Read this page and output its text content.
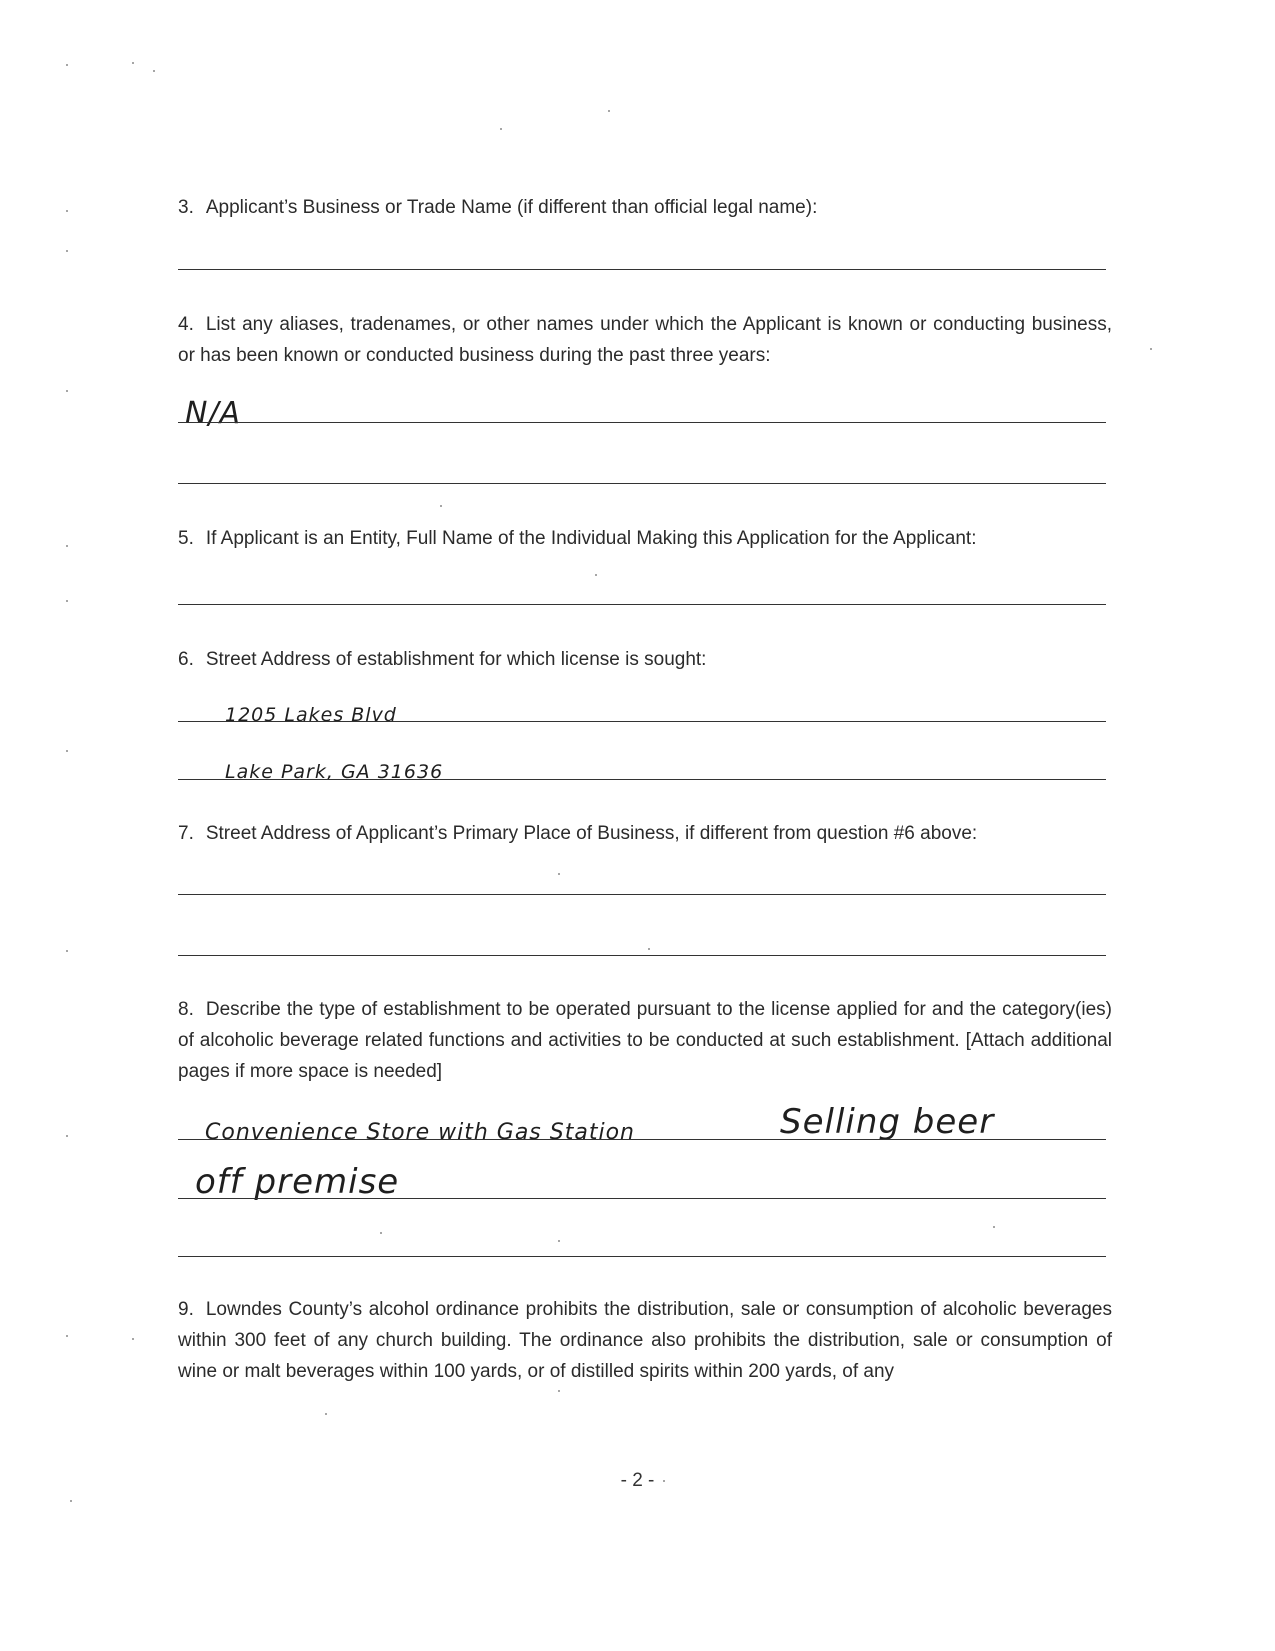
3. Applicant’s Business or Trade Name (if different than official legal name):

4. List any aliases, tradenames, or other names under which the Applicant is known or conducting business, or has been known or conducted business during the past three years:

N/A

5. If Applicant is an Entity, Full Name of the Individual Making this Application for the Applicant:

6. Street Address of establishment for which license is sought:

1205 Lakes Blvd
Lake Park, GA 31636

7. Street Address of Applicant’s Primary Place of Business, if different from question #6 above:

8. Describe the type of establishment to be operated pursuant to the license applied for and the category(ies) of alcoholic beverage related functions and activities to be conducted at such establishment. [Attach additional pages if more space is needed]

Convenience Store with Gas Station	Selling beer
off premise

9. Lowndes County’s alcohol ordinance prohibits the distribution, sale or consumption of alcoholic beverages within 300 feet of any church building. The ordinance also prohibits the distribution, sale or consumption of wine or malt beverages within 100 yards, or of distilled spirits within 200 yards, of any

- 2 -
